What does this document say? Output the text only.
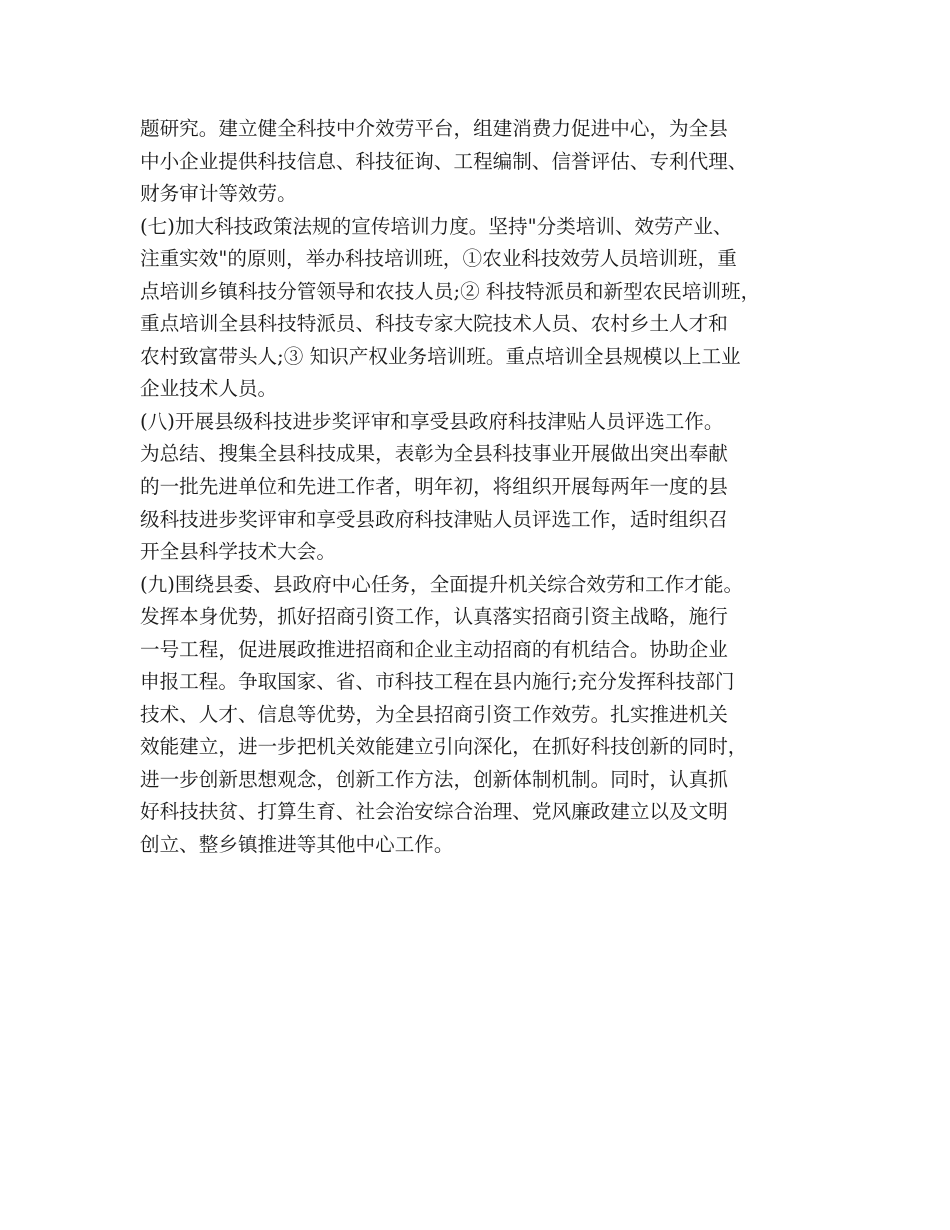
题研究。建立健全科技中介效劳平台，组建消费力促进中心，为全县
中小企业提供科技信息、科技征询、工程编制、信誉评估、专利代理、
财务审计等效劳。
(七)加大科技政策法规的宣传培训力度。坚持"分类培训、效劳产业、
注重实效"的原则，举办科技培训班，①农业科技效劳人员培训班，重
点培训乡镇科技分管领导和农技人员;② 科技特派员和新型农民培训班，
重点培训全县科技特派员、科技专家大院技术人员、农村乡土人才和
农村致富带头人;③ 知识产权业务培训班。重点培训全县规模以上工业
企业技术人员。
(八)开展县级科技进步奖评审和享受县政府科技津贴人员评选工作。
为总结、搜集全县科技成果，表彰为全县科技事业开展做出突出奉献
的一批先进单位和先进工作者，明年初，将组织开展每两年一度的县
级科技进步奖评审和享受县政府科技津贴人员评选工作，适时组织召
开全县科学技术大会。
(九)围绕县委、县政府中心任务，全面提升机关综合效劳和工作才能。
发挥本身优势，抓好招商引资工作，认真落实招商引资主战略，施行
一号工程，促进展政推进招商和企业主动招商的有机结合。协助企业
申报工程。争取国家、省、市科技工程在县内施行;充分发挥科技部门
技术、人才、信息等优势，为全县招商引资工作效劳。扎实推进机关
效能建立，进一步把机关效能建立引向深化，在抓好科技创新的同时，
进一步创新思想观念，创新工作方法，创新体制机制。同时，认真抓
好科技扶贫、打算生育、社会治安综合治理、党风廉政建立以及文明
创立、整乡镇推进等其他中心工作。
